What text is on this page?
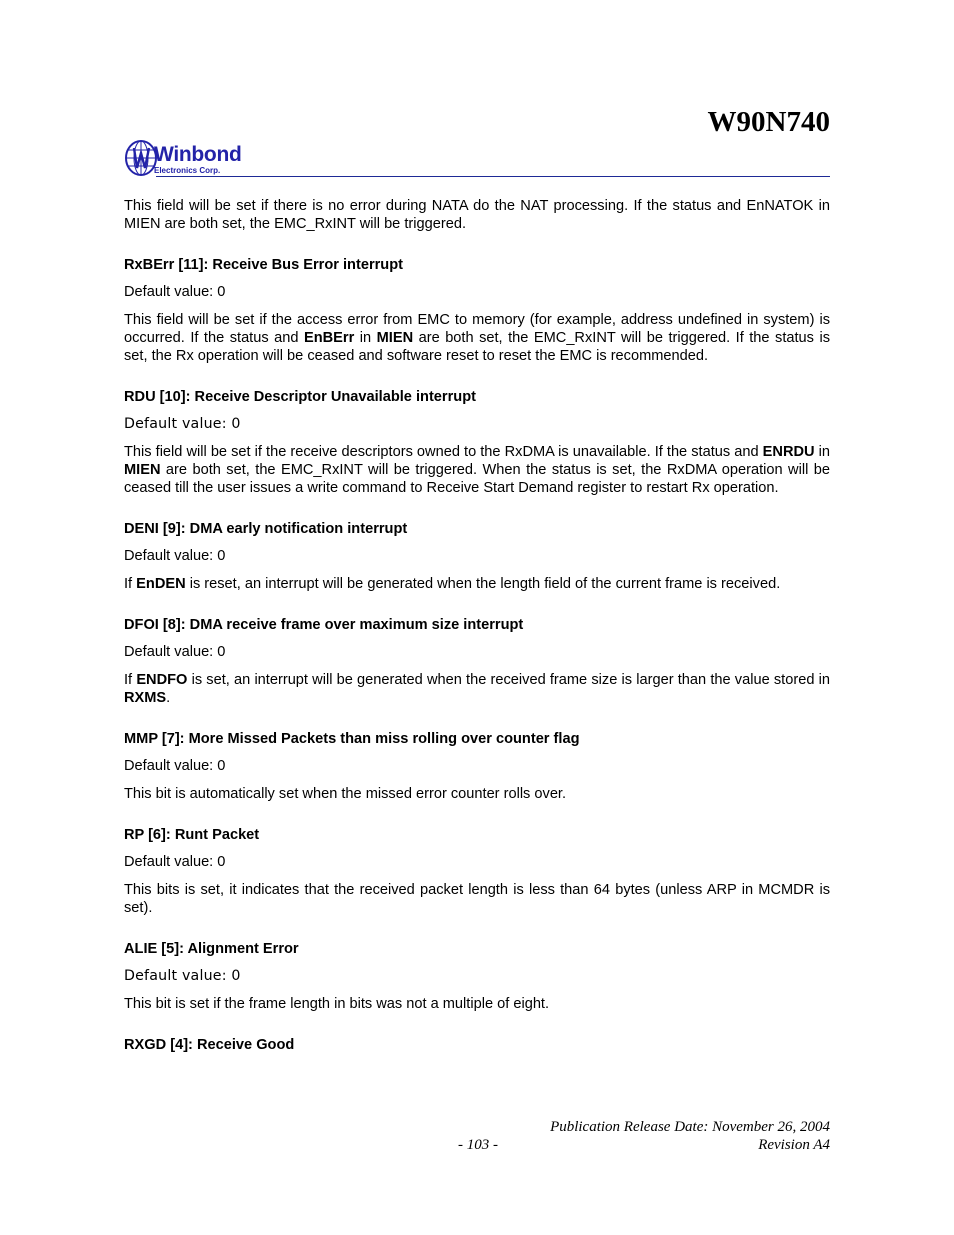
W90N740
Winbond
Electronics Corp.

This field will be set if there is no error during NATA do the NAT processing. If the status and EnNATOK in MIEN are both set, the EMC_RxINT will be triggered.

RxBErr [11]: Receive Bus Error interrupt

Default value: 0

This field will be set if the access error from EMC to memory (for example, address undefined in system) is occurred. If the status and EnBErr in MIEN are both set, the EMC_RxINT will be triggered. If the status is set, the Rx operation will be ceased and software reset to reset the EMC is recommended.

RDU [10]: Receive Descriptor Unavailable interrupt

Default value: 0

This field will be set if the receive descriptors owned to the RxDMA is unavailable. If the status and ENRDU in MIEN are both set, the EMC_RxINT will be triggered. When the status is set, the RxDMA operation will be ceased till the user issues a write command to Receive Start Demand register to restart Rx operation.

DENI [9]: DMA early notification interrupt

Default value: 0

If EnDEN is reset, an interrupt will be generated when the length field of the current frame is received.

DFOI [8]: DMA receive frame over maximum size interrupt

Default value: 0

If ENDFO is set, an interrupt will be generated when the received frame size is larger than the value stored in RXMS.

MMP [7]: More Missed Packets than miss rolling over counter flag

Default value: 0

This bit is automatically set when the missed error counter rolls over.

RP [6]: Runt Packet

Default value: 0

This bits is set, it indicates that the received packet length is less than 64 bytes (unless ARP in MCMDR is set).

ALIE [5]: Alignment Error

Default value: 0

This bit is set if the frame length in bits was not a multiple of eight.

RXGD [4]: Receive Good

Publication Release Date: November 26, 2004
- 103 -	Revision A4
